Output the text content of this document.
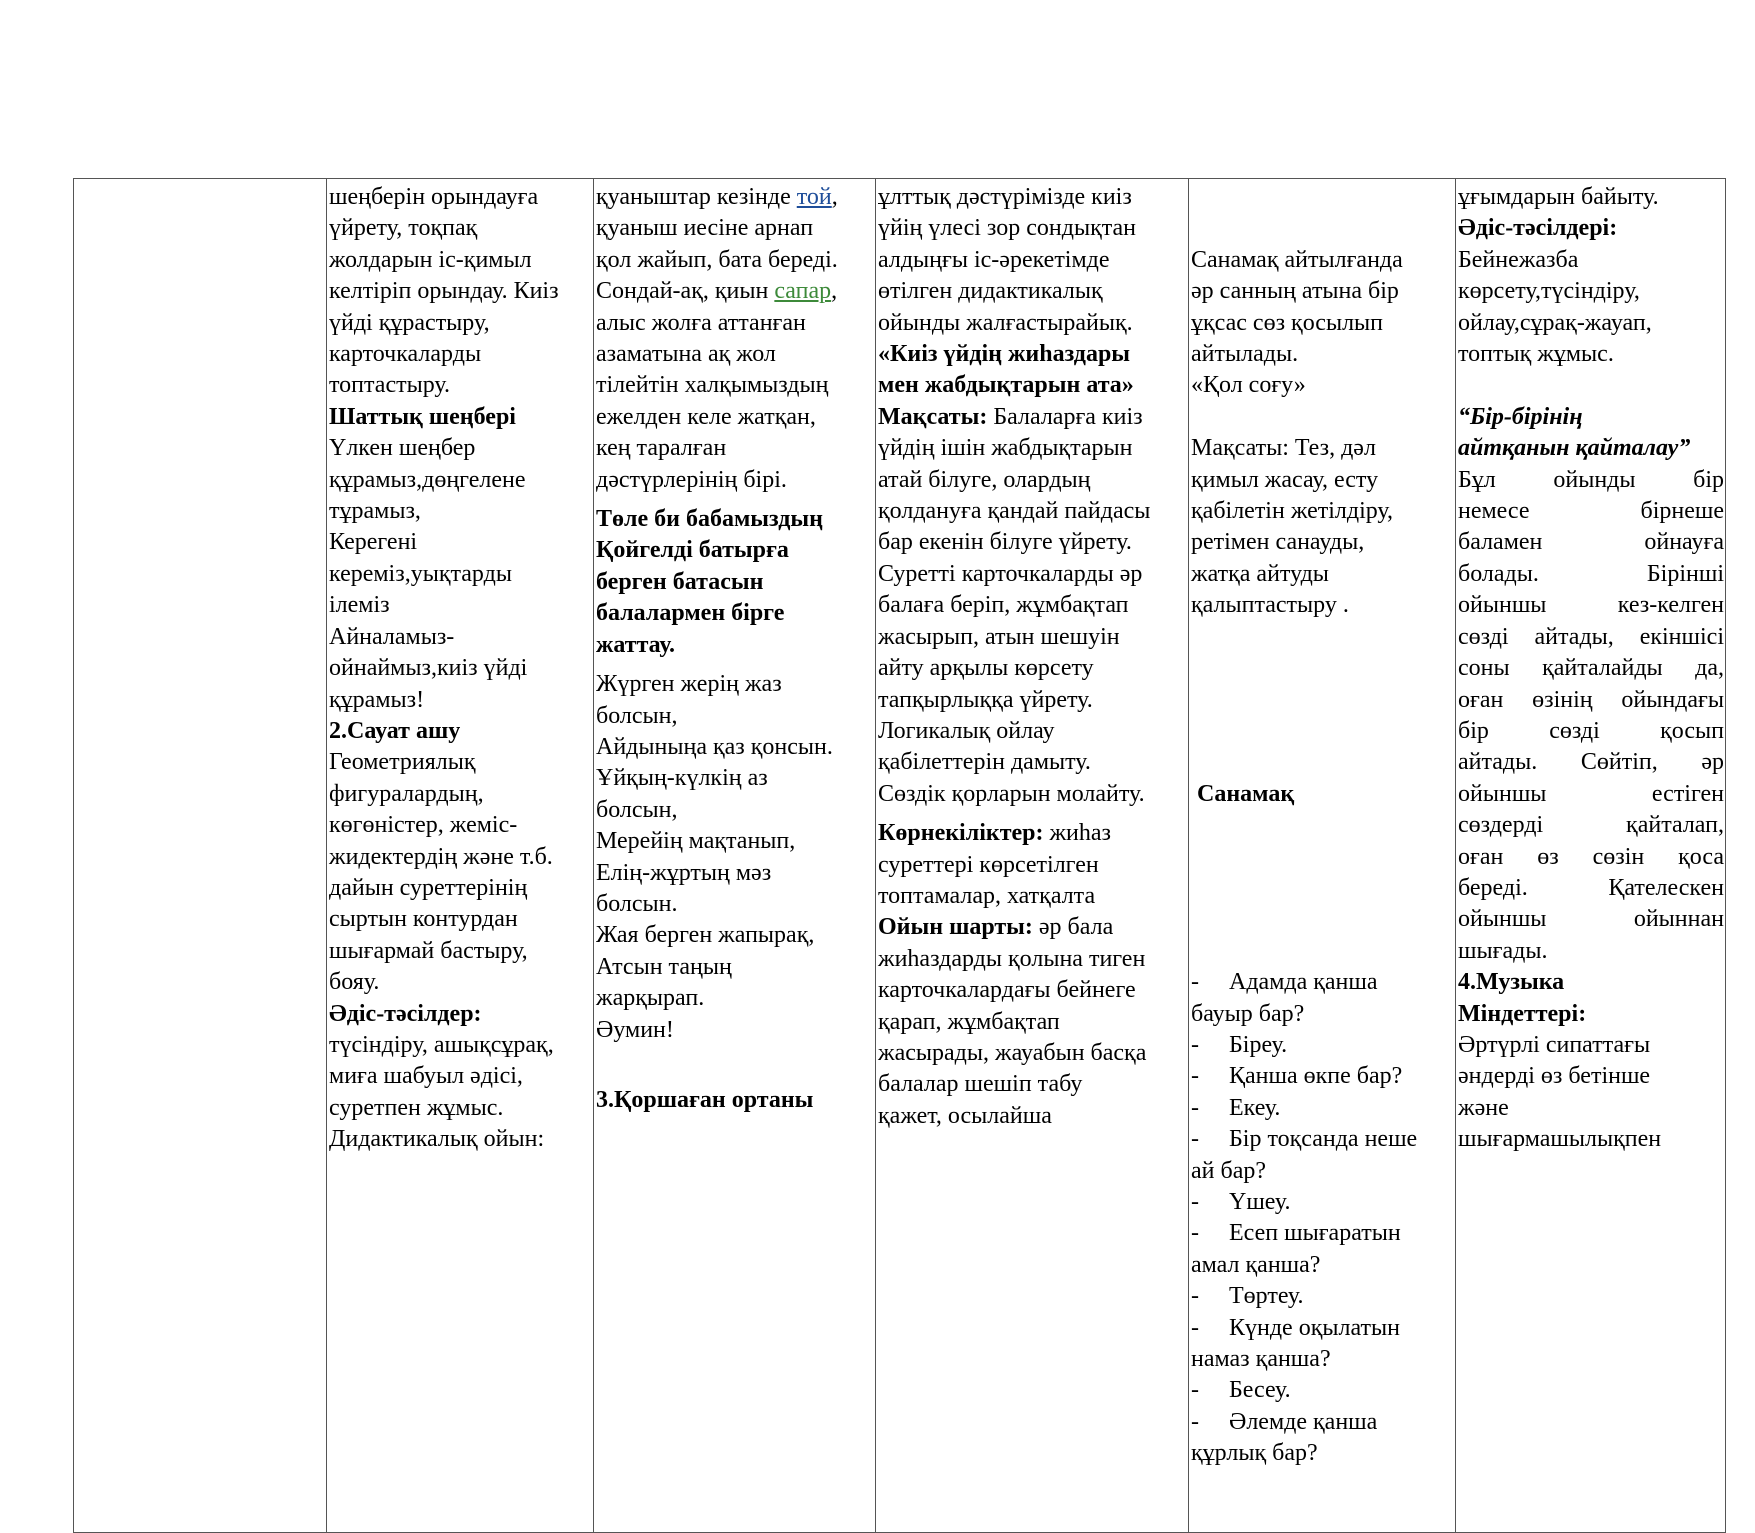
шеңберін орындауға
үйрету, тоқпақ
жолдарын іс-қимыл
келтіріп орындау. Киіз
үйді құрастыру,
карточкаларды
топтастыру.
Шаттық шеңбері
Үлкен шеңбер
құрамыз,дөңгелене
тұрамыз,
Керегені
кереміз,уықтарды
ілеміз
Айналамыз-
ойнаймыз,киіз үйді
құрамыз!
2.Сауат ашу
Геометриялық
фигуралардың,
көгөністер, жеміс-
жидектердің және т.б.
дайын суреттерінің
сыртын контурдан
шығармай бастыру,
бояу.
Әдіс-тәсілдер:
түсіндіру, ашықсұрақ,
миға шабуыл әдісі,
суретпен жұмыс.
Дидактикалық ойын:

қуаныштар кезінде той,
қуаныш иесіне арнап
қол жайып, бата береді.
Сондай-ақ, қиын сапар,
алыс жолға аттанған
азаматына ақ жол
тілейтін халқымыздың
ежелден келе жатқан,
кең таралған
дәстүрлерінің бірі.
Төле би бабамыздың
Қойгелді батырға
берген батасын
балалармен бірге
жаттау.
Жүрген жерің жаз
болсын,
Айдыныңа қаз қонсын.
Ұйқың-күлкің аз
болсын,
Мерейің мақтанып,
Елің-жұртың мәз
болсын.
Жая берген жапырақ,
Атсын таңың
жарқырап.
Әумин!
3.Қоршаған ортаны

ұлттық дәстүрімізде киіз
үйің үлесі зор сондықтан
алдыңғы іс-әрекетімде
өтілген дидактикалық
ойынды жалғастырайық.
«Киіз үйдің жиһаздары
мен жабдықтарын ата»
Мақсаты: Балаларға киіз
үйдің ішін жабдықтарын
атай білуге, олардың
қолдануға қандай пайдасы
бар екенін білуге үйрету.
Суретті карточкаларды әр
балаға беріп, жұмбақтап
жасырып, атын шешуін
айту арқылы көрсету
тапқырлыққа үйрету.
Логикалық ойлау
қабілеттерін дамыту.
Сөздік қорларын молайту.
Көрнекіліктер: жиһаз
суреттері көрсетілген
топтамалар, хатқалта
Ойын шарты: әр бала
жиһаздарды қолына тиген
карточкалардағы бейнеге
қарап, жұмбақтап
жасырады, жауабын басқа
балалар шешіп табу
қажет, осылайша

Санамақ айтылғанда
әр санның атына бір
ұқсас сөз қосылып
айтылады.
«Қол соғу»
Мақсаты: Тез, дәл
қимыл жасау, есту
қабілетін жетілдіру,
ретімен санауды,
жатқа айтуды
қалыптастыру .

Санамақ

-     Адамда қанша
бауыр бар?
-     Біреу.
-     Қанша өкпе бар?
-     Екеу.
-     Бір тоқсанда неше
ай бар?
-     Үшеу.
-     Есеп шығаратын
амал қанша?
-     Төртеу.
-     Күнде оқылатын
намаз қанша?
-     Бесеу.
-     Әлемде қанша
құрлық бар?

ұғымдарын байыту.
Әдіс-тәсілдері:
Бейнежазба
көрсету,түсіндіру,
ойлау,сұрақ-жауап,
топтық жұмыс.
“Бір-бірінің
айтқанын қайталау”
Бұл ойынды бір
немесе бірнеше
баламен ойнауға
болады. Бірінші
ойыншы кез-келген
сөзді айтады, екіншісі
соны қайталайды да,
оған өзінің ойындағы
бір сөзді қосып
айтады. Сөйтіп, әр
ойыншы естіген
сөздерді қайталап,
оған өз сөзін қоса
береді. Қателескен
ойыншы ойыннан
шығады.
4.Музыка
Міндеттері:
Әртүрлі сипаттағы
әндерді өз бетінше
және
шығармашылықпен
